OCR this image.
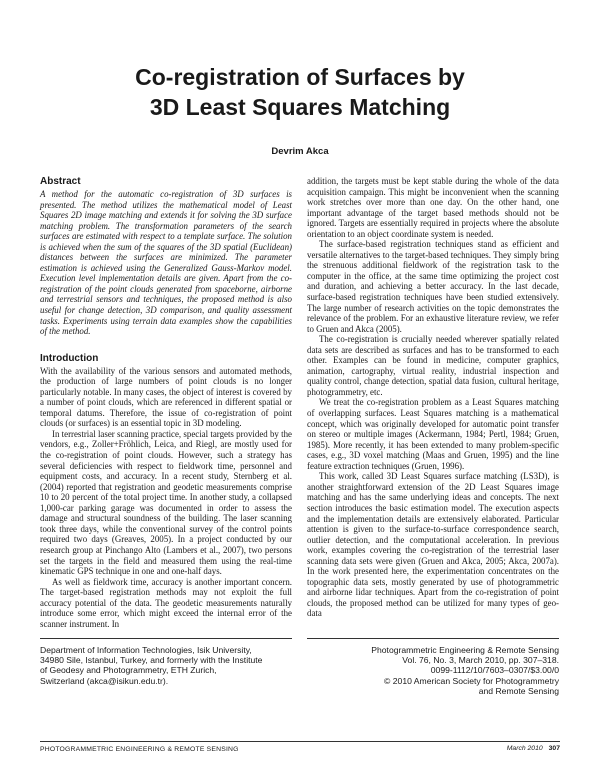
Co-registration of Surfaces by
3D Least Squares Matching
Devrim Akca
Abstract

A method for the automatic co-registration of 3D surfaces is presented. The method utilizes the mathematical model of Least Squares 2D image matching and extends it for solving the 3D surface matching problem. The transformation parameters of the search surfaces are estimated with respect to a template surface. The solution is achieved when the sum of the squares of the 3D spatial (Euclidean) distances between the surfaces are minimized. The parameter estimation is achieved using the Generalized Gauss-Markov model. Execution level implementation details are given. Apart from the co-registration of the point clouds generated from spaceborne, airborne and terrestrial sensors and techniques, the proposed method is also useful for change detection, 3D comparison, and quality assessment tasks. Experiments using terrain data examples show the capabilities of the method.

Introduction

With the availability of the various sensors and automated methods, the production of large numbers of point clouds is no longer particularly notable. In many cases, the object of interest is covered by a number of point clouds, which are referenced in different spatial or temporal datums. Therefore, the issue of co-registration of point clouds (or surfaces) is an essential topic in 3D modeling.

In terrestrial laser scanning practice, special targets provided by the vendors, e.g., Zoller+Fröhlich, Leica, and Riegl, are mostly used for the co-registration of point clouds. However, such a strategy has several deficiencies with respect to fieldwork time, personnel and equipment costs, and accuracy. In a recent study, Sternberg et al. (2004) reported that registration and geodetic measurements comprise 10 to 20 percent of the total project time. In another study, a collapsed 1,000-car parking garage was documented in order to assess the damage and structural soundness of the building. The laser scanning took three days, while the conventional survey of the control points required two days (Greaves, 2005). In a project conducted by our research group at Pinchango Alto (Lambers et al., 2007), two persons set the targets in the field and measured them using the real-time kinematic GPS technique in one and one-half days.

As well as fieldwork time, accuracy is another important concern. The target-based registration methods may not exploit the full accuracy potential of the data. The geodetic measurements naturally introduce some error, which might exceed the internal error of the scanner instrument. In

addition, the targets must be kept stable during the whole of the data acquisition campaign. This might be inconvenient when the scanning work stretches over more than one day. On the other hand, one important advantage of the target based methods should not be ignored. Targets are essentially required in projects where the absolute orientation to an object coordinate system is needed.

The surface-based registration techniques stand as efficient and versatile alternatives to the target-based techniques. They simply bring the strenuous additional fieldwork of the registration task to the computer in the office, at the same time optimizing the project cost and duration, and achieving a better accuracy. In the last decade, surface-based registration techniques have been studied extensively. The large number of research activities on the topic demonstrates the relevance of the problem. For an exhaustive literature review, we refer to Gruen and Akca (2005).

The co-registration is crucially needed wherever spatially related data sets are described as surfaces and has to be transformed to each other. Examples can be found in medicine, computer graphics, animation, cartography, virtual reality, industrial inspection and quality control, change detection, spatial data fusion, cultural heritage, photogrammetry, etc.

We treat the co-registration problem as a Least Squares matching of overlapping surfaces. Least Squares matching is a mathematical concept, which was originally developed for automatic point transfer on stereo or multiple images (Ackermann, 1984; Pertl, 1984; Gruen, 1985). More recently, it has been extended to many problem-specific cases, e.g., 3D voxel matching (Maas and Gruen, 1995) and the line feature extraction techniques (Gruen, 1996).

This work, called 3D Least Squares surface matching (LS3D), is another straightforward extension of the 2D Least Squares image matching and has the same underlying ideas and concepts. The next section introduces the basic estimation model. The execution aspects and the implementation details are extensively elaborated. Particular attention is given to the surface-to-surface correspondence search, outlier detection, and the computational acceleration. In previous work, examples covering the co-registration of the terrestrial laser scanning data sets were given (Gruen and Akca, 2005; Akca, 2007a). In the work presented here, the experimentation concentrates on the topographic data sets, mostly generated by use of photogrammetric and airborne lidar techniques. Apart from the co-registration of point clouds, the proposed method can be utilized for many types of geo-data

Department of Information Technologies, Isik University,
34980 Sile, Istanbul, Turkey, and formerly with the Institute
of Geodesy and Photogrammetry, ETH Zurich,
Switzerland (akca@isikun.edu.tr).
Photogrammetric Engineering & Remote Sensing
Vol. 76, No. 3, March 2010, pp. 307–318.
0099-1112/10/7603–0307/$3.00/0
© 2010 American Society for Photogrammetry
and Remote Sensing
PHOTOGRAMMETRIC ENGINEERING & REMOTE SENSING	March 2010 307
